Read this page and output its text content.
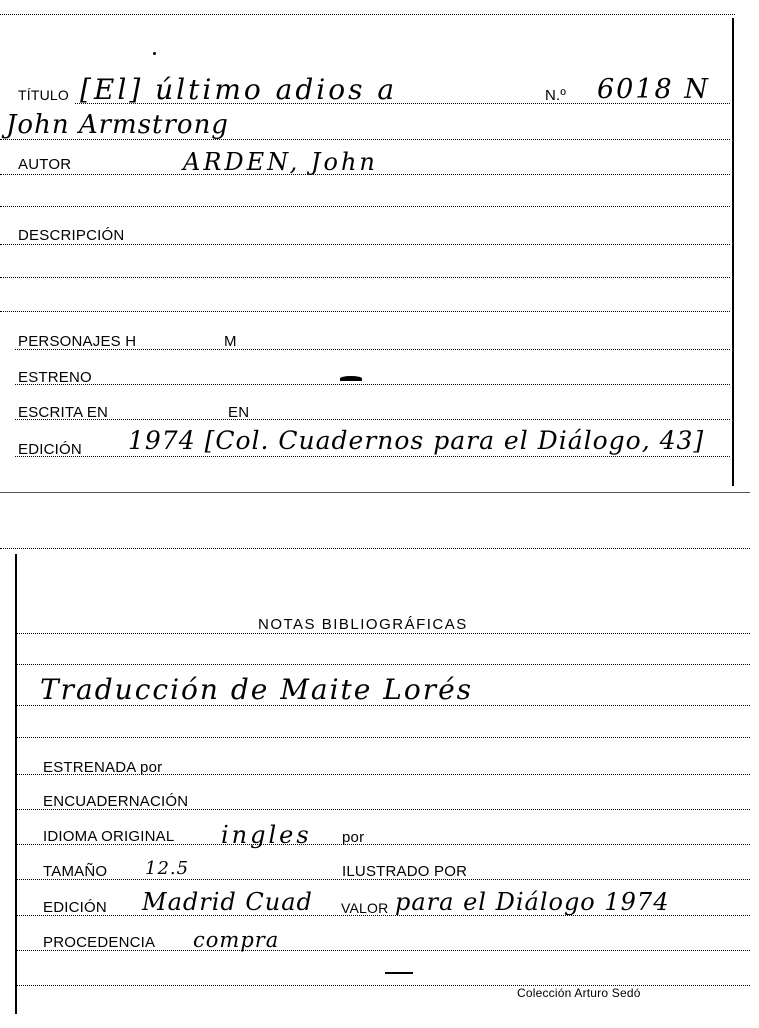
TÍTULO [El] último adios a	N.º 6018 N
John Armstrong
AUTOR	ARDEN, John
DESCRIPCIÓN
PERSONAJES H	M
ESTRENO
ESCRITA EN	EN
EDICIÓN 1974 [Col. Cuadernos para el Diálogo, 43]
NOTAS BIBLIOGRÁFICAS
Traducción de Maite Lorés
ESTRENADA por
ENCUADERNACIÓN
IDIOMA ORIGINAL ingles por
TAMAÑO 12.5	ILUSTRADO POR
EDICIÓN Madrid Cuad VALOR para el Diálogo 1974
PROCEDENCIA compra
Colección Arturo Sedó
